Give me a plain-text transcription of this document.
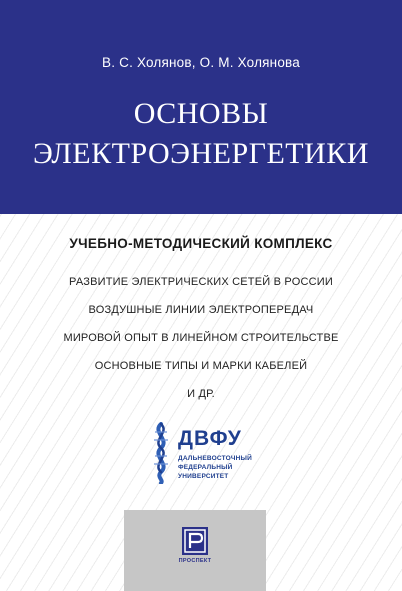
В. С. Холянов, О. М. Холянова
ОСНОВЫ
ЭЛЕКТРОЭНЕРГЕТИКИ
УЧЕБНО-МЕТОДИЧЕСКИЙ КОМПЛЕКС
РАЗВИТИЕ ЭЛЕКТРИЧЕСКИХ СЕТЕЙ В РОССИИ
ВОЗДУШНЫЕ ЛИНИИ ЭЛЕКТРОПЕРЕДАЧ
МИРОВОЙ ОПЫТ В ЛИНЕЙНОМ СТРОИТЕЛЬСТВЕ
ОСНОВНЫЕ ТИПЫ И МАРКИ КАБЕЛЕЙ
И ДР.
ДВФУ
ДАЛЬНЕВОСТОЧНЫЙ
ФЕДЕРАЛЬНЫЙ
УНИВЕРСИТЕТ
ПРОСПЕКТ
